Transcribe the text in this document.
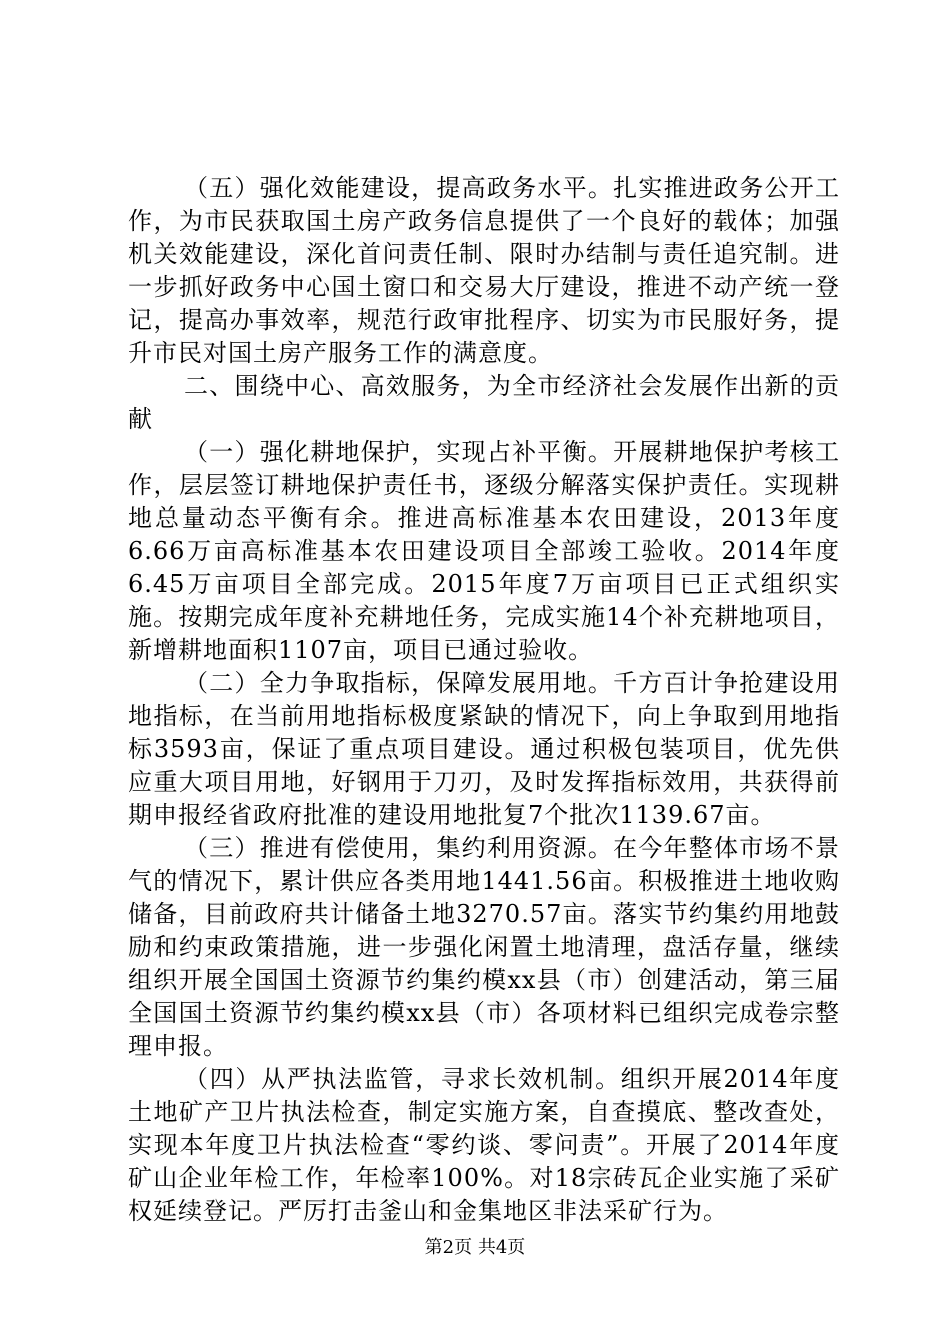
（五）强化效能建设，提高政务水平。扎实推进政务公开工作，为市民获取国土房产政务信息提供了一个良好的载体；加强机关效能建设，深化首问责任制、限时办结制与责任追究制。进一步抓好政务中心国土窗口和交易大厅建设，推进不动产统一登记，提高办事效率，规范行政审批程序、切实为市民服好务，提升市民对国土房产服务工作的满意度。

二、围绕中心、高效服务，为全市经济社会发展作出新的贡献

（一）强化耕地保护，实现占补平衡。开展耕地保护考核工作，层层签订耕地保护责任书，逐级分解落实保护责任。实现耕地总量动态平衡有余。推进高标准基本农田建设，2013年度6.66万亩高标准基本农田建设项目全部竣工验收。2014年度6.45万亩项目全部完成。2015年度7万亩项目已正式组织实施。按期完成年度补充耕地任务，完成实施14个补充耕地项目，新增耕地面积1107亩，项目已通过验收。

（二）全力争取指标，保障发展用地。千方百计争抢建设用地指标，在当前用地指标极度紧缺的情况下，向上争取到用地指标3593亩，保证了重点项目建设。通过积极包装项目，优先供应重大项目用地，好钢用于刀刃，及时发挥指标效用，共获得前期申报经省政府批准的建设用地批复7个批次1139.67亩。

（三）推进有偿使用，集约利用资源。在今年整体市场不景气的情况下，累计供应各类用地1441.56亩。积极推进土地收购储备，目前政府共计储备土地3270.57亩。落实节约集约用地鼓励和约束政策措施，进一步强化闲置土地清理，盘活存量，继续组织开展全国国土资源节约集约模xx县（市）创建活动，第三届全国国土资源节约集约模xx县（市）各项材料已组织完成卷宗整理申报。

（四）从严执法监管，寻求长效机制。组织开展2014年度土地矿产卫片执法检查，制定实施方案，自查摸底、整改查处，实现本年度卫片执法检查“零约谈、零问责”。开展了2014年度矿山企业年检工作，年检率100%。对18宗砖瓦企业实施了采矿权延续登记。严厉打击釜山和金集地区非法采矿行为。

第2页 共4页
